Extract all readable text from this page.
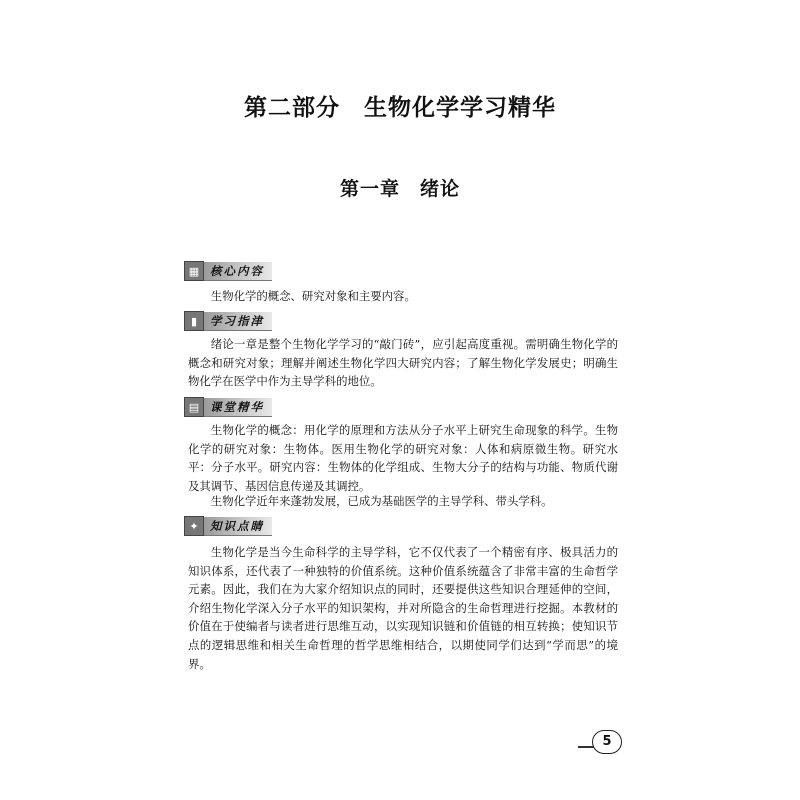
第二部分　生物化学学习精华
第一章　绪论
▦ 核心内容

生物化学的概念、研究对象和主要内容。

▮	学习指津

绪论一章是整个生物化学学习的“敲门砖”，应引起高度重视。需明确生物化学的概念和研究对象；理解并阐述生物化学四大研究内容；了解生物化学发展史；明确生物化学在医学中作为主导学科的地位。

▤ 课堂精华

生物化学的概念：用化学的原理和方法从分子水平上研究生命现象的科学。生物化学的研究对象：生物体。医用生物化学的研究对象：人体和病原微生物。研究水平：分子水平。研究内容：生物体的化学组成、生物大分子的结构与功能、物质代谢及其调节、基因信息传递及其调控。

生物化学近年来蓬勃发展，已成为基础医学的主导学科、带头学科。

✦ 知识点睛

生物化学是当今生命科学的主导学科，它不仅代表了一个精密有序、极具活力的知识体系，还代表了一种独特的价值系统。这种价值系统蕴含了非常丰富的生命哲学元素。因此，我们在为大家介绍知识点的同时，还要提供这些知识合理延伸的空间，介绍生物化学深入分子水平的知识架构，并对所隐含的生命哲理进行挖掘。本教材的价值在于使编者与读者进行思维互动，以实现知识链和价值链的相互转换；使知识节点的逻辑思维和相关生命哲理的哲学思维相结合，以期使同学们达到“学而思”的境界。

5
